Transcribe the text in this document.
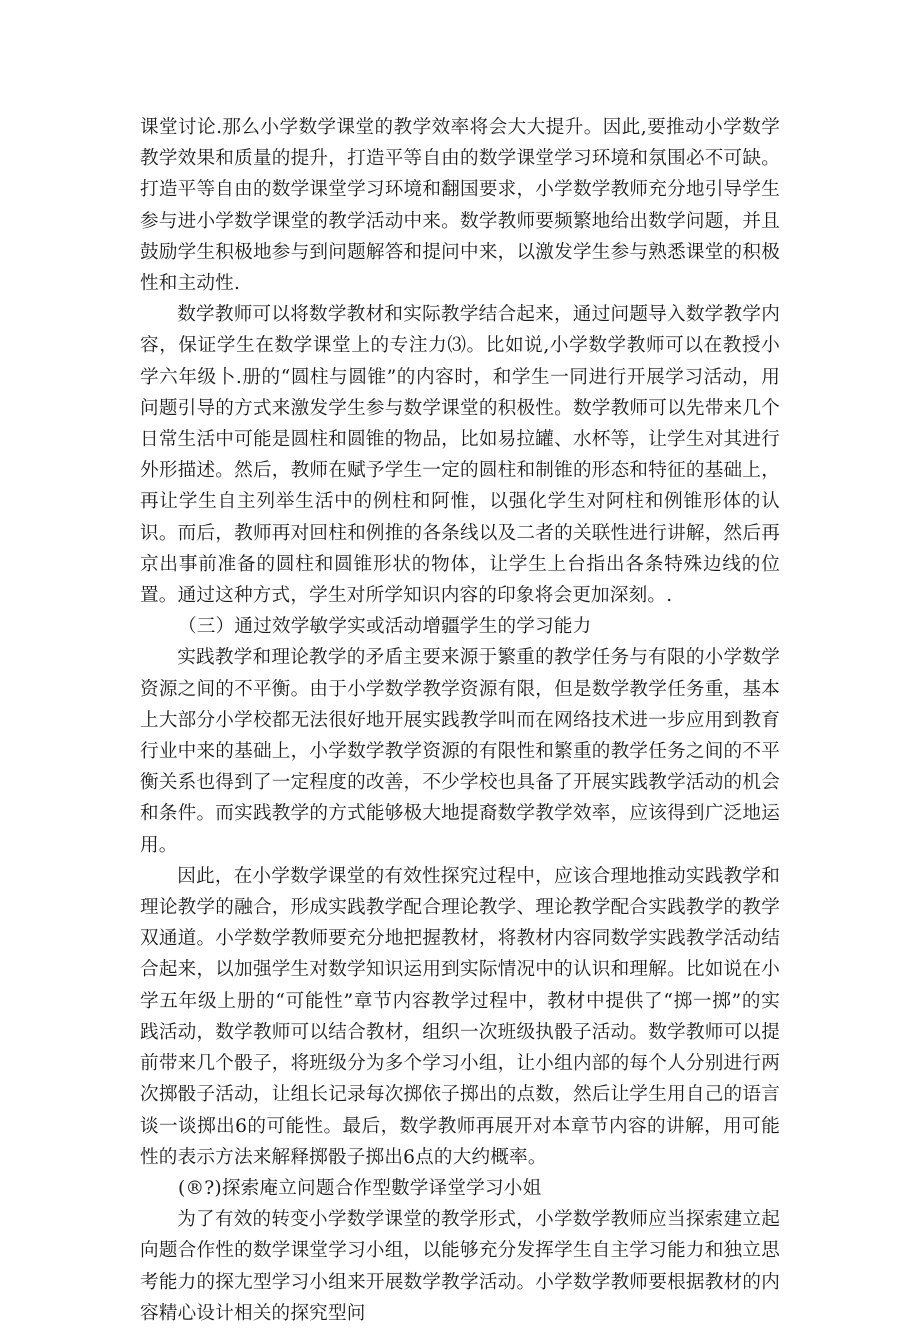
课堂讨论.那么小学数学课堂的教学效率将会大大提升。因此,要推动小学数学教学效果和质量的提升，打造平等自由的数学课堂学习环境和氛围必不可缺。打造平等自由的数学课堂学习环境和翻国要求，小学数学教师充分地引导学生参与进小学数学课堂的教学活动中来。数学教师要频繁地给出数学问题，并且鼓励学生积极地参与到问题解答和提问中来，以激发学生参与熟悉课堂的积极性和主动性.

数学教师可以将数学教材和实际教学结合起来，通过问题导入数学教学内容，保证学生在数学课堂上的专注力⑶。比如说,小学数学教师可以在教授小学六年级卜.册的“圆柱与圆锥”的内容时，和学生一同进行开展学习活动，用问题引导的方式来激发学生参与数学课堂的积极性。数学教师可以先带来几个日常生活中可能是圆柱和圆锥的物品，比如易拉罐、水杯等，让学生对其进行外形描述。然后，教师在赋予学生一定的圆柱和制锥的形态和特征的基础上，再让学生自主列举生活中的例柱和阿惟，以强化学生对阿柱和例锥形体的认识。而后，教师再对回柱和例推的各条线以及二者的关联性进行讲解，然后再京出事前准备的圆柱和圆锥形状的物体，让学生上台指出各条特殊边线的位置。通过这种方式，学生对所学知识内容的印象将会更加深刻。.

（三）通过效学敏学实或活动增疆学生的学习能力

实践教学和理论教学的矛盾主要来源于繁重的教学任务与有限的小学数学资源之间的不平衡。由于小学数学教学资源有限，但是数学教学任务重，基本上大部分小学校都无法很好地开展实践教学叫而在网络技术进一步应用到教育行业中来的基础上，小学数学教学资源的有限性和繁重的教学任务之间的不平衡关系也得到了一定程度的改善，不少学校也具备了开展实践教学活动的机会和条件。而实践教学的方式能够极大地提裔数学教学效率，应该得到广泛地运用。

因此，在小学数学课堂的有效性探究过程中，应该合理地推动实践教学和理论教学的融合，形成实践教学配合理论教学、理论教学配合实践教学的教学双通道。小学数学教师要充分地把握教材，将教材内容同数学实践教学活动结合起来，以加强学生对数学知识运用到实际情况中的认识和理解。比如说在小学五年级上册的“可能性”章节内容教学过程中，教材中提供了“掷一掷”的实践活动，数学教师可以结合教材，组织一次班级执骰子活动。数学教师可以提前带来几个骰子，将班级分为多个学习小组，让小组内部的每个人分别进行两次掷骰子活动，让组长记录每次掷依子掷出的点数，然后让学生用自己的语言谈一谈掷出6的可能性。最后，数学教师再展开对本章节内容的讲解，用可能性的表示方法来解释掷骰子掷出6点的大约概率。

(®?)探索庵立问题合作型數学译堂学习小姐

为了有效的转变小学数学课堂的教学形式，小学数学教师应当探索建立起向题合作性的数学课堂学习小组，以能够充分发挥学生自主学习能力和独立思考能力的探尢型学习小组来开展数学教学活动。小学数学教师要根据教材的内容精心设计相关的探究型问
